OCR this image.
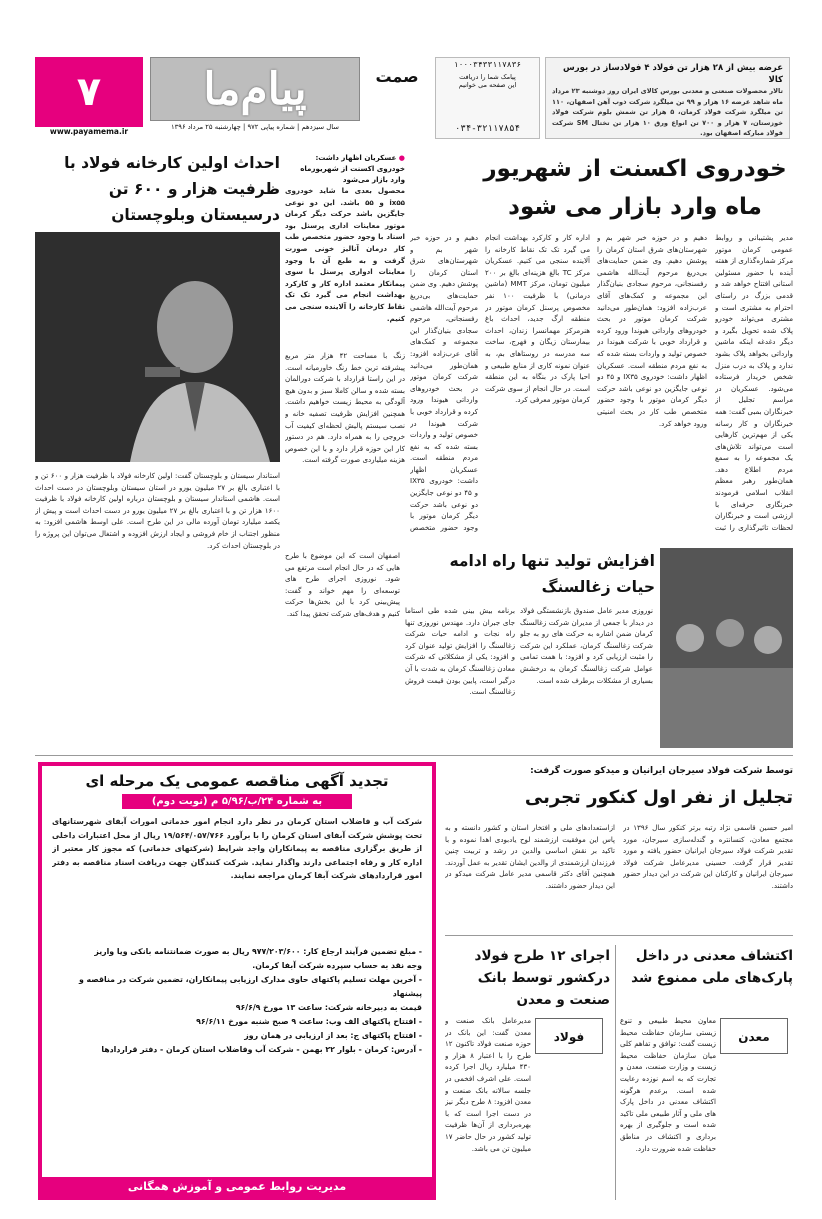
عرضه بیش از ۲۸ هزار تن فولاد ۴ فولادساز در بورس کالا
تالار محصولات صنعتی و معدنی بورس کالای ایران روز دوشنبه ۲۳ مرداد ماه شاهد عرضه ۱۶ هزار و ۹۹ تن میلگرد شرکت ذوب آهن اصفهان، ۱۱۰ تن میلگرد شرکت فولاد کرمان، ۵ هزار تن شمش بلوم شرکت فولاد خوزستان، ۷ هزار و ۷۰۰ تن انواع ورق ۱۰ هزار تن تختال SM شرکت فولاد مبارکه اصفهان بود.
۱۰۰۰۳۴۳۳۱۱۷۸۳۶
پیامک شما را دریافت
این صفحه می خوانیم
۰۳۴-۳۲۱۱۷۸۵۴
صمت
پیام‌ما
سال سیزدهم | شماره پیاپی ۹۷۲ | چهارشنبه ۲۵ مرداد ۱۳۹۶
۷
www.payamema.ir
خودروی اکسنت از شهریور ماه وارد بازار می شود
مدیر پشتیبانی و روابط عمومی کرمان موتور مرکز شماره‌گذاری از هفته آینده با حضور مسئولین استانی افتتاح خواهد شد و قدمی بزرگ در راستای احترام به مشتری است و مشتری می‌تواند خودرو پلاک شده تحویل بگیرد و دیگر دغدغه اینکه ماشین وارداتی بخواهد پلاک بشود ندارد و پلاک به درب منزل شخص خریدار فرستاده می‌شود. عسکریان در مراسم تجلیل از خبرنگاران بمبی گفت: همه خبرنگاران و کار رسانه یکی از مهم‌ترین کارهایی است می‌تواند تلاش‌های یک مجموعه را به سمع مردم اطلاع دهد. همان‌طور رهبر معظم انقلاب اسلامی فرمودند خبرنگاری حرفه‌ای با ارزشی است و خبرنگاران لحظات تاثیرگذاری را ثبت
دهیم و در حوزه خبر شهر بم و شهرستان‌های شرق استان کرمان را پوشش دهیم. وی ضمن حمایت‌های بی‌دریغ مرحوم آیت‌الله هاشمی رفسنجانی، مرحوم سجادی بنیان‌گذار این مجموعه و کمک‌های آقای عرب‌زاده افزود: همان‌طور می‌دانید شرکت کرمان موتور در بحث خودروهای وارداتی هیوندا ورود کرده و قرارداد خوبی با شرکت هیوندا در خصوص تولید و واردات بسته شده که به نفع مردم منطقه است. عسکریان اظهار داشت: خودروی IX۳۵ و ۴۵ دو نوعی جایگزین دو نوعی باشد حرکت دیگر کرمان موتور با وجود حضور متخصص طب کار در بحث امنیتی ورود خواهد کرد.
اداره کار و کارکرد بهداشت انجام می گیرد تک تک نقاط کارخانه را آلاینده سنجی می کنیم. عسکریان مرکز TC بالغ هزینه‌ای بالغ بر ۲۰۰ میلیون تومان، مرکز MMT (ماشین درمانی) با ظرفیت ۱۰۰ نفر مخصوص پرسنل کرمان موتور در منطقه ارگ جدید، احداث باغ هنرمرکز مهمانسرا زندان، احداث بیمارستان زیگان و فهرج، ساخت سه مدرسه در روستاهای بم، به عنوان نمونه کاری از منابع طبیعی و احیا پارک در بنگاه به این منطقه است. در حال انجام از سوی شرکت کرمان موتور معرفی کرد.
● عسکریان اظهار داشت: خودروی اکسنت از شهریورماه وارد بازار می‌شود
محصول بعدی ما شاید خودروی ix۵۵ و ۵۵ باشد. این دو نوعی جایگزین باشد حرکت دیگر کرمان موتور معاینات اداری پرسنل بود اسناد با وجود حضور متخصص طب کار درمان آنالیز خونی صورت گرفت و به طبع آن با وجود معاینات ادواری پرسنل با سوی پیمانکار معتمد اداره کار و کارکرد بهداشت انجام می گیرد تک تک نقاط کارخانه را آلاینده سنجی می کنیم.
زنگ با مساحت ۴۲ هزار متر مربع پیشرفته ترین خط رنگ خاورمیانه است. در این راستا قرارداد با شرکت دورالمان بسته شده و سالن کاملا سبز و بدون هیچ آلودگی به محیط زیست خواهیم داشت. همچنین افزایش ظرفیت تصفیه خانه و نصب سیستم پالیش لحظه‌ای کیفیت آب خروجی را به همراه دارد. هم در دستور کار این حوزه قرار دارد و با این خصوص هزینه میلیاردی صورت گرفته است.
دهیم و در حوزه خبر شهر بم و شهرستان‌های شرق استان کرمان را پوشش دهیم. وی ضمن حمایت‌های بی‌دریغ مرحوم آیت‌الله هاشمی رفسنجانی، مرحوم سجادی بنیان‌گذار این مجموعه و کمک‌های آقای عرب‌زاده افزود: همان‌طور می‌دانید شرکت کرمان موتور در بحث خودروهای وارداتی هیوندا ورود کرده و قرارداد خوبی با شرکت هیوندا در خصوص تولید و واردات بسته شده که به نفع مردم منطقه است. عسکریان اظهار داشت: خودروی IX۳۵ و ۴۵ دو نوعی جایگزین دو نوعی باشد حرکت دیگر کرمان موتور با وجود حضور متخصص
احداث اولین کارخانه فولاد با ظرفیت هزار و ۶۰۰ تن درسیستان وبلوچستان
استاندار سیستان و بلوچستان گفت: اولین کارخانه فولاد با ظرفیت هزار و ۶۰۰ تن و با اعتباری بالغ بر ۲۷ میلیون یورو در استان سیستان وبلوچستان در دست احداث است. هاشمی استاندار سیستان و بلوچستان درباره اولین کارخانه فولاد با ظرفیت ۱۶۰۰ هزار تن و با اعتباری بالغ بر ۲۷ میلیون یورو در دست احداث است و پیش از یکصد میلیارد تومان آورده مالی در این طرح است. علی اوسط هاشمی افزود: به منظور اجتناب از خام فروشی و ایجاد ارزش افزوده و اشتغال می‌توان این پروژه را در بلوچستان احداث کرد.
افزایش تولید تنها راه ادامه حیات زغالسنگ
نوروزی مدیر عامل صندوق بازنشستگی فولاد در دیدار با جمعی از مدیران شرکت زغالسنگ کرمان ضمن اشاره به حرکت های رو به جلو شرکت زغالسنگ کرمان، عملکرد این شرکت را مثبت ارزیابی کرد و افزود: با همت تمامی عوامل شرکت زغالسنگ کرمان به درخشش بسیاری از مشکلات برطرف شده است.
برنامه بیش بینی شده طی استاما جای جبران دارد. مهندس نوروزی تنها راه نجات و ادامه حیات شرکت زغالسنگ را افزایش تولید عنوان کرد و افزود: یکی از مشکلاتی که شرکت معادن زغالسنگ کرمان به شدت با آن درگیر است، پایین بودن قیمت فروش زغالسنگ است.
اصفهان است که این موضوع با طرح هایی که در حال انجام است مرتفع می شود. نوروزی اجرای طرح های توسعه‌ای را مهم خواند و گفت: پیش‌بینی کرد با این بخش‌ها حرکت کنیم و هدف‌های شرکت تحقق پیدا کند.
تجدید آگهی مناقصه عمومی یک مرحله ای
به شماره ۲۴/ب/۵/۹۶ م (نوبت دوم)
شرکت آب و فاضلاب استان کرمان در نظر دارد انجام امور خدماتی امورات آبفای شهرستانهای تحت پوشش شرکت آبفای استان کرمان را با برآورد ۱۹/۵۶۴/۰۵۷/۷۶۶ ریال از محل اعتبارات داخلی از طریق برگزاری مناقصه به پیمانکاران واجد شرایط (شرکتهای خدماتی) که مجوز کار معتبر از اداره کار و رفاه اجتماعی دارند واگذار نماید. شرکت کنندگان جهت دریافت اسناد مناقصه به دفتر امور قراردادهای شرکت آبفا کرمان مراجعه نمایند.
- مبلغ تضمین فرآیند ارجاع کار: ۹۷۷/۲۰۳/۶۰۰ ریال به صورت ضمانتنامه بانکی ویا واریز
وجه نقد به حساب سپرده شرکت آبفا کرمان.
- آخرین مهلت تسلیم پاکتهای حاوی مدارک ارزیابی پیمانکاران، تضمین شرکت در مناقصه و پیشنهاد
قیمت به دبیرخانه شرکت: ساعت ۱۳ مورخ ۹۶/۶/۹
- افتتاح پاکتهای الف وب: ساعت ۹ صبح شنبه مورخ ۹۶/۶/۱۱
- افتتاح پاکتهای ج: بعد از ارزیابی در همان روز
- آدرس: کرمان - بلوار ۲۲ بهمن - شرکت آب وفاضلاب استان کرمان - دفتر قراردادها
مدیریت روابط عمومی و آموزش همگانی
توسط شرکت فولاد سیرجان ایرانیان و میدکو صورت گرفت:
تجلیل از نفر اول کنکور تجربی
امیر حسین قاسمی نژاد رتبه برتر کنکور سال ۱۳۹۶ در مجتمع معادن، کنسانتره و گندله‌سازی سیرجان، مورد تقدیر شرکت فولاد سیرجان ایرانیان حضور یافته و مورد تقدیر قرار گرفت. حسینی مدیرعامل شرکت فولاد سیرجان ایرانیان و کارکنان این شرکت در این دیدار حضور داشتند.
ازاستعدادهای ملی و افتخار استان و کشور دانسته و به پاس این موفقیت ارزشمند لوح یادبودی اهدا نموده و با تاکید بر نقش اساسی والدین در رشد و تربیت چنین فرزندان ارزشمندی از والدین ایشان تقدیر به عمل آوردند. همچنین آقای دکتر قاسمی مدیر عامل شرکت میدکو در این دیدار حضور داشتند.
اکتشاف معدنی در داخل پارک‌های ملی ممنوع شد
معدن
معاون محیط طبیعی و تنوع زیستی سازمان حفاظت محیط زیست گفت: توافق و تفاهم کلی میان سازمان حفاظت محیط زیست و وزارت صنعت، معدن و تجارت که به اسم نوزده رعایت شده است. برعدم هرگونه اکتشاف معدنی در داخل پارک های ملی و آثار طبیعی ملی تاکید شده است و جلوگیری از بهره برداری و اکتشاف در مناطق حفاظت شده ضرورت دارد.
اجرای ۱۲ طرح فولاد درکشور توسط بانک صنعت و معدن
فولاد
مدیرعامل بانک صنعت و معدن گفت: این بانک در حوزه صنعت فولاد تاکنون ۱۲ طرح را با اعتبار ۸ هزار و ۴۳۰ میلیارد ریال اجرا کرده است. علی اشرف افخمی در جلسه سالانه بانک صنعت و معدن افزود: ۸ طرح دیگر نیز در دست اجرا است که با بهره‌برداری از آن‌ها ظرفیت تولید کشور در حال حاضر ۱۷ میلیون تن می باشد.
